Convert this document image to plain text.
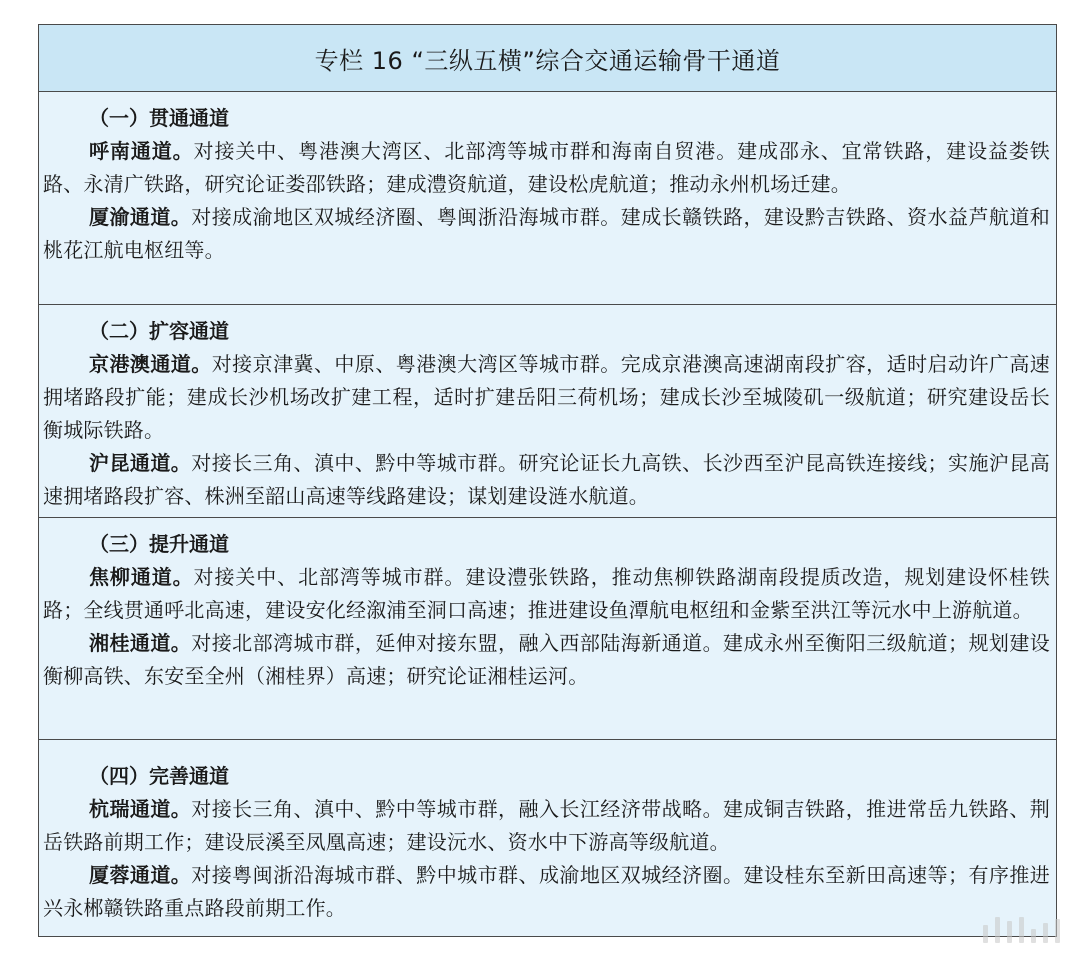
专栏 16 “三纵五横”综合交通运输骨干通道
（一）贯通通道

呼南通道。对接关中、粤港澳大湾区、北部湾等城市群和海南自贸港。建成邵永、宜常铁路，建设益娄铁路、永清广铁路，研究论证娄邵铁路；建成澧资航道，建设松虎航道；推动永州机场迁建。

厦渝通道。对接成渝地区双城经济圈、粤闽浙沿海城市群。建成长赣铁路，建设黔吉铁路、资水益芦航道和桃花江航电枢纽等。

（二）扩容通道

京港澳通道。对接京津冀、中原、粤港澳大湾区等城市群。完成京港澳高速湖南段扩容，适时启动许广高速拥堵路段扩能；建成长沙机场改扩建工程，适时扩建岳阳三荷机场；建成长沙至城陵矶一级航道；研究建设岳长衡城际铁路。

沪昆通道。对接长三角、滇中、黔中等城市群。研究论证长九高铁、长沙西至沪昆高铁连接线；实施沪昆高速拥堵路段扩容、株洲至韶山高速等线路建设；谋划建设涟水航道。

（三）提升通道

焦柳通道。对接关中、北部湾等城市群。建设澧张铁路，推动焦柳铁路湖南段提质改造，规划建设怀桂铁路；全线贯通呼北高速，建设安化经溆浦至洞口高速；推进建设鱼潭航电枢纽和金紫至洪江等沅水中上游航道。

湘桂通道。对接北部湾城市群，延伸对接东盟，融入西部陆海新通道。建成永州至衡阳三级航道；规划建设衡柳高铁、东安至全州（湘桂界）高速；研究论证湘桂运河。

（四）完善通道

杭瑞通道。对接长三角、滇中、黔中等城市群，融入长江经济带战略。建成铜吉铁路，推进常岳九铁路、荆岳铁路前期工作；建设辰溪至凤凰高速；建设沅水、资水中下游高等级航道。

厦蓉通道。对接粤闽浙沿海城市群、黔中城市群、成渝地区双城经济圈。建设桂东至新田高速等；有序推进兴永郴赣铁路重点路段前期工作。
